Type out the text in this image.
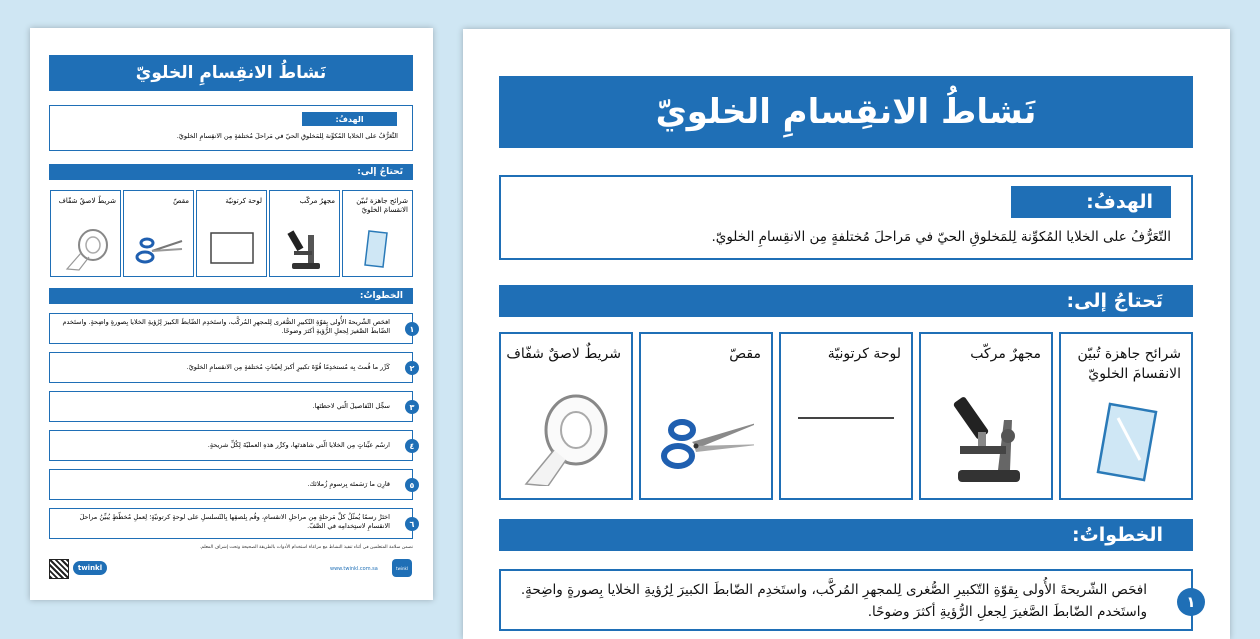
نَشاطُ الانقِسامِ الخلويّ
الهدفُ:
التَّعَرُّفُ على الخلايا المُكوِّنة لِلمَخلوقِ الحيّ في مَراحلَ مُختلفةٍ مِن الانقِسامِ الخلويّ.
تَحتاجُ إلى:
شرائح جاهزة تُبيّن الانقسامَ الخلويّ
مجهرٌ مركّب
لوحة كرتونيّة
مقصّ
شريطٌ لاصقٌ شفّاف
الخطواتُ:
افحَص الشّريحةَ الأُولى بِقوّةِ التّكبيرِ الصُّغرى لِلمجهرِ المُركَّب، واستَخدِم الضّابطَ الكبيرَ لِرُؤيةِ الخلايا بِصورةٍ واضِحةٍ. واستَخدم الضّابطَ الصَّغيرَ لِجعلِ الرُّؤيةِ أكثرَ وضوحًا.	١
كَرِّر ما قُمتَ بِه مُستخدِمًا قُوّةَ تكبيرٍ أكبرَ لِعيّناتٍ مُختلفةٍ مِن الانقسامِ الخلويّ.	٢
سجِّل التّفاصيلَ الّتي لاحظتَها.	٣
ارسُم عيِّناتٍ مِن الخلايا الّتي شاهدتَها، وكرِّر هذهِ العمليّةَ لِكُلِّ شريحةٍ.	٤
قارِن ما رَسَمتَه بِرسومِ زُملائك.	٥
اختَرْ رسمًا يُمثّلُ كلَّ مَرحلةٍ مِن مراحلِ الانقسامِ، وقُم بِلصقِها بِالتّسلسلِ على لوحةٍ كرتونيّةٍ؛ لِعملِ مُخطّطٍ يُبيِّنُ مراحلَ الانقسامِ لاستِخدامِه في الصَّفّ.	٦
نضمن سلامة المتعلمين في أثناء تنفيذ النشاط مع مراعاة استخدام الأدوات بالطريقة الصحيحة وتحت إشراف المعلم.
twinkl	www.twinkl.com.sa	twinkl
نَشاطُ الانقِسامِ الخلويّ
الهدفُ:
التّعَرُّفُ على الخلايا المُكوِّنة لِلمَخلوقِ الحيّ في مَراحلَ مُختلفةٍ مِن الانقِسامِ الخلويّ.
تَحتاجُ إلى:
شرائح جاهزة تُبيّن الانقسامَ الخلويّ
مجهرٌ مركّب
لوحة كرتونيّة
مقصّ
شريطٌ لاصقٌ شفّاف
الخطواتُ:
افحَص الشّريحةَ الأُولى بِقوّةِ التّكبيرِ الصُّغرى لِلمجهرِ المُركَّب، واستَخدِم الضّابطَ الكبيرَ لِرُؤيةِ الخلايا بِصورةٍ واضِحةٍ.
واستَخدم الضّابطَ الصَّغيرَ لِجعلِ الرُّؤيةِ أكثرَ وضوحًا.
١
